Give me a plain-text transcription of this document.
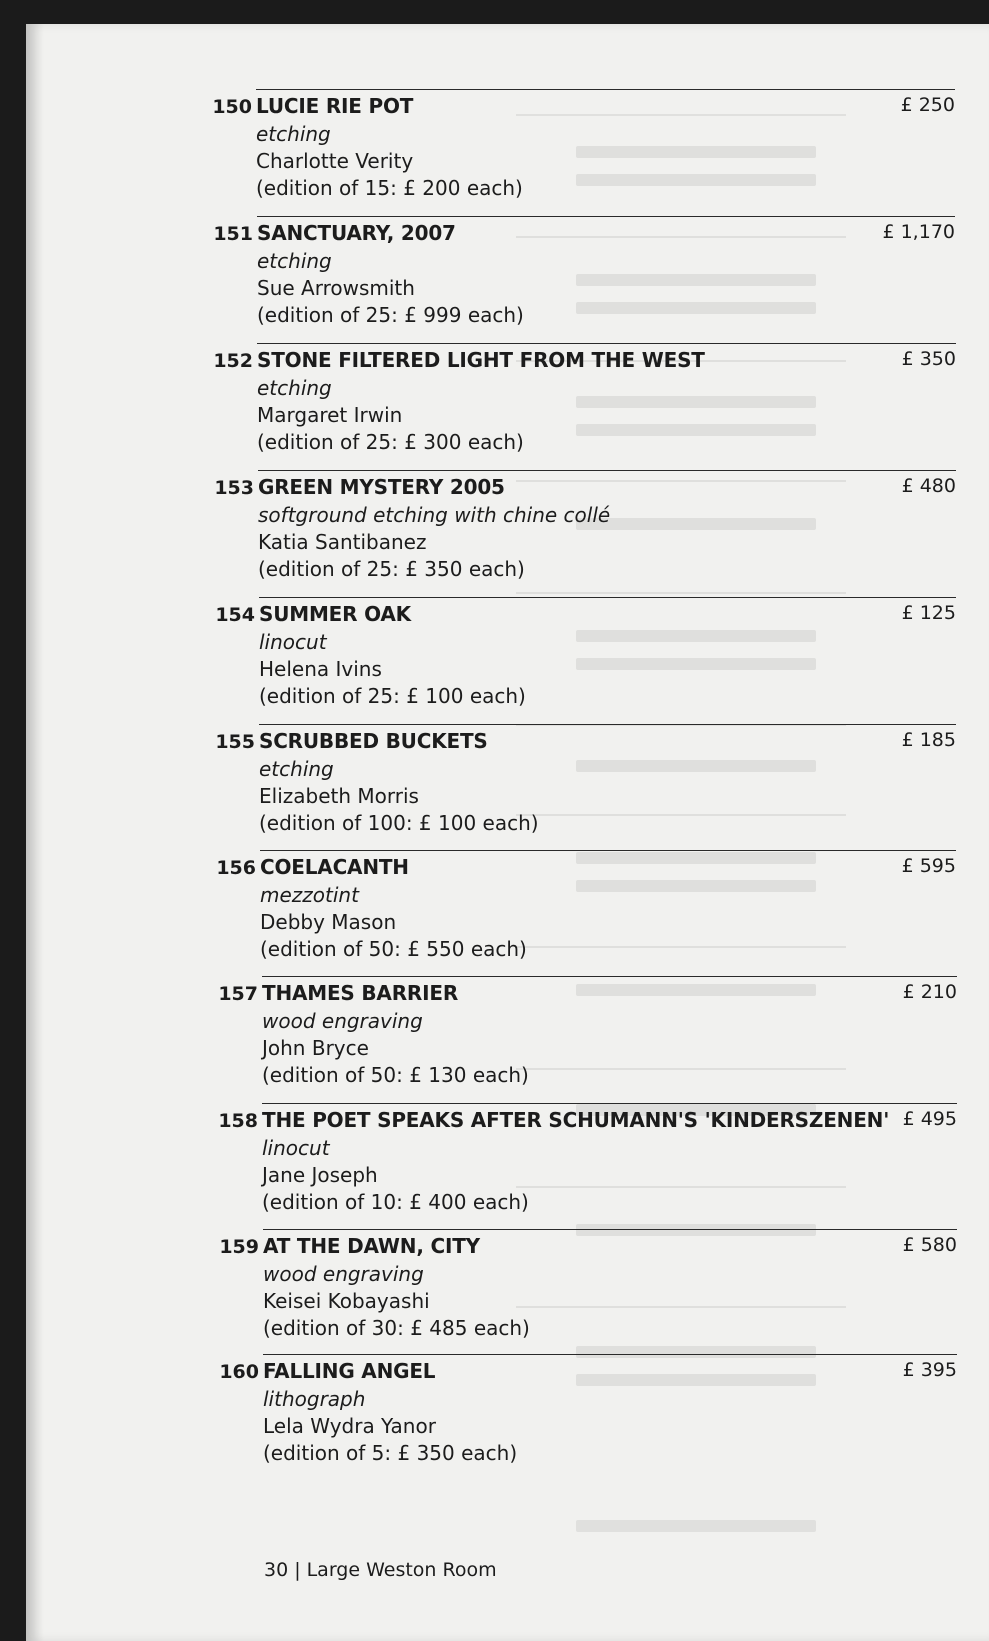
150 LUCIE RIE POT
etching
Charlotte Verity
(edition of 15: £ 200 each)
£ 250
151 SANCTUARY, 2007
etching
Sue Arrowsmith
(edition of 25: £ 999 each)
£ 1,170
152 STONE FILTERED LIGHT FROM THE WEST
etching
Margaret Irwin
(edition of 25: £ 300 each)
£ 350
153 GREEN MYSTERY 2005
softground etching with chine collé
Katia Santibanez
(edition of 25: £ 350 each)
£ 480
154 SUMMER OAK
linocut
Helena Ivins
(edition of 25: £ 100 each)
£ 125
155 SCRUBBED BUCKETS
etching
Elizabeth Morris
(edition of 100: £ 100 each)
£ 185
156 COELACANTH
mezzotint
Debby Mason
(edition of 50: £ 550 each)
£ 595
157 THAMES BARRIER
wood engraving
John Bryce
(edition of 50: £ 130 each)
£ 210
158 THE POET SPEAKS AFTER SCHUMANN'S 'KINDERSZENEN'
linocut
Jane Joseph
(edition of 10: £ 400 each)
£ 495
159 AT THE DAWN, CITY
wood engraving
Keisei Kobayashi
(edition of 30: £ 485 each)
£ 580
160 FALLING ANGEL
lithograph
Lela Wydra Yanor
(edition of 5: £ 350 each)
£ 395
30 | Large Weston Room
